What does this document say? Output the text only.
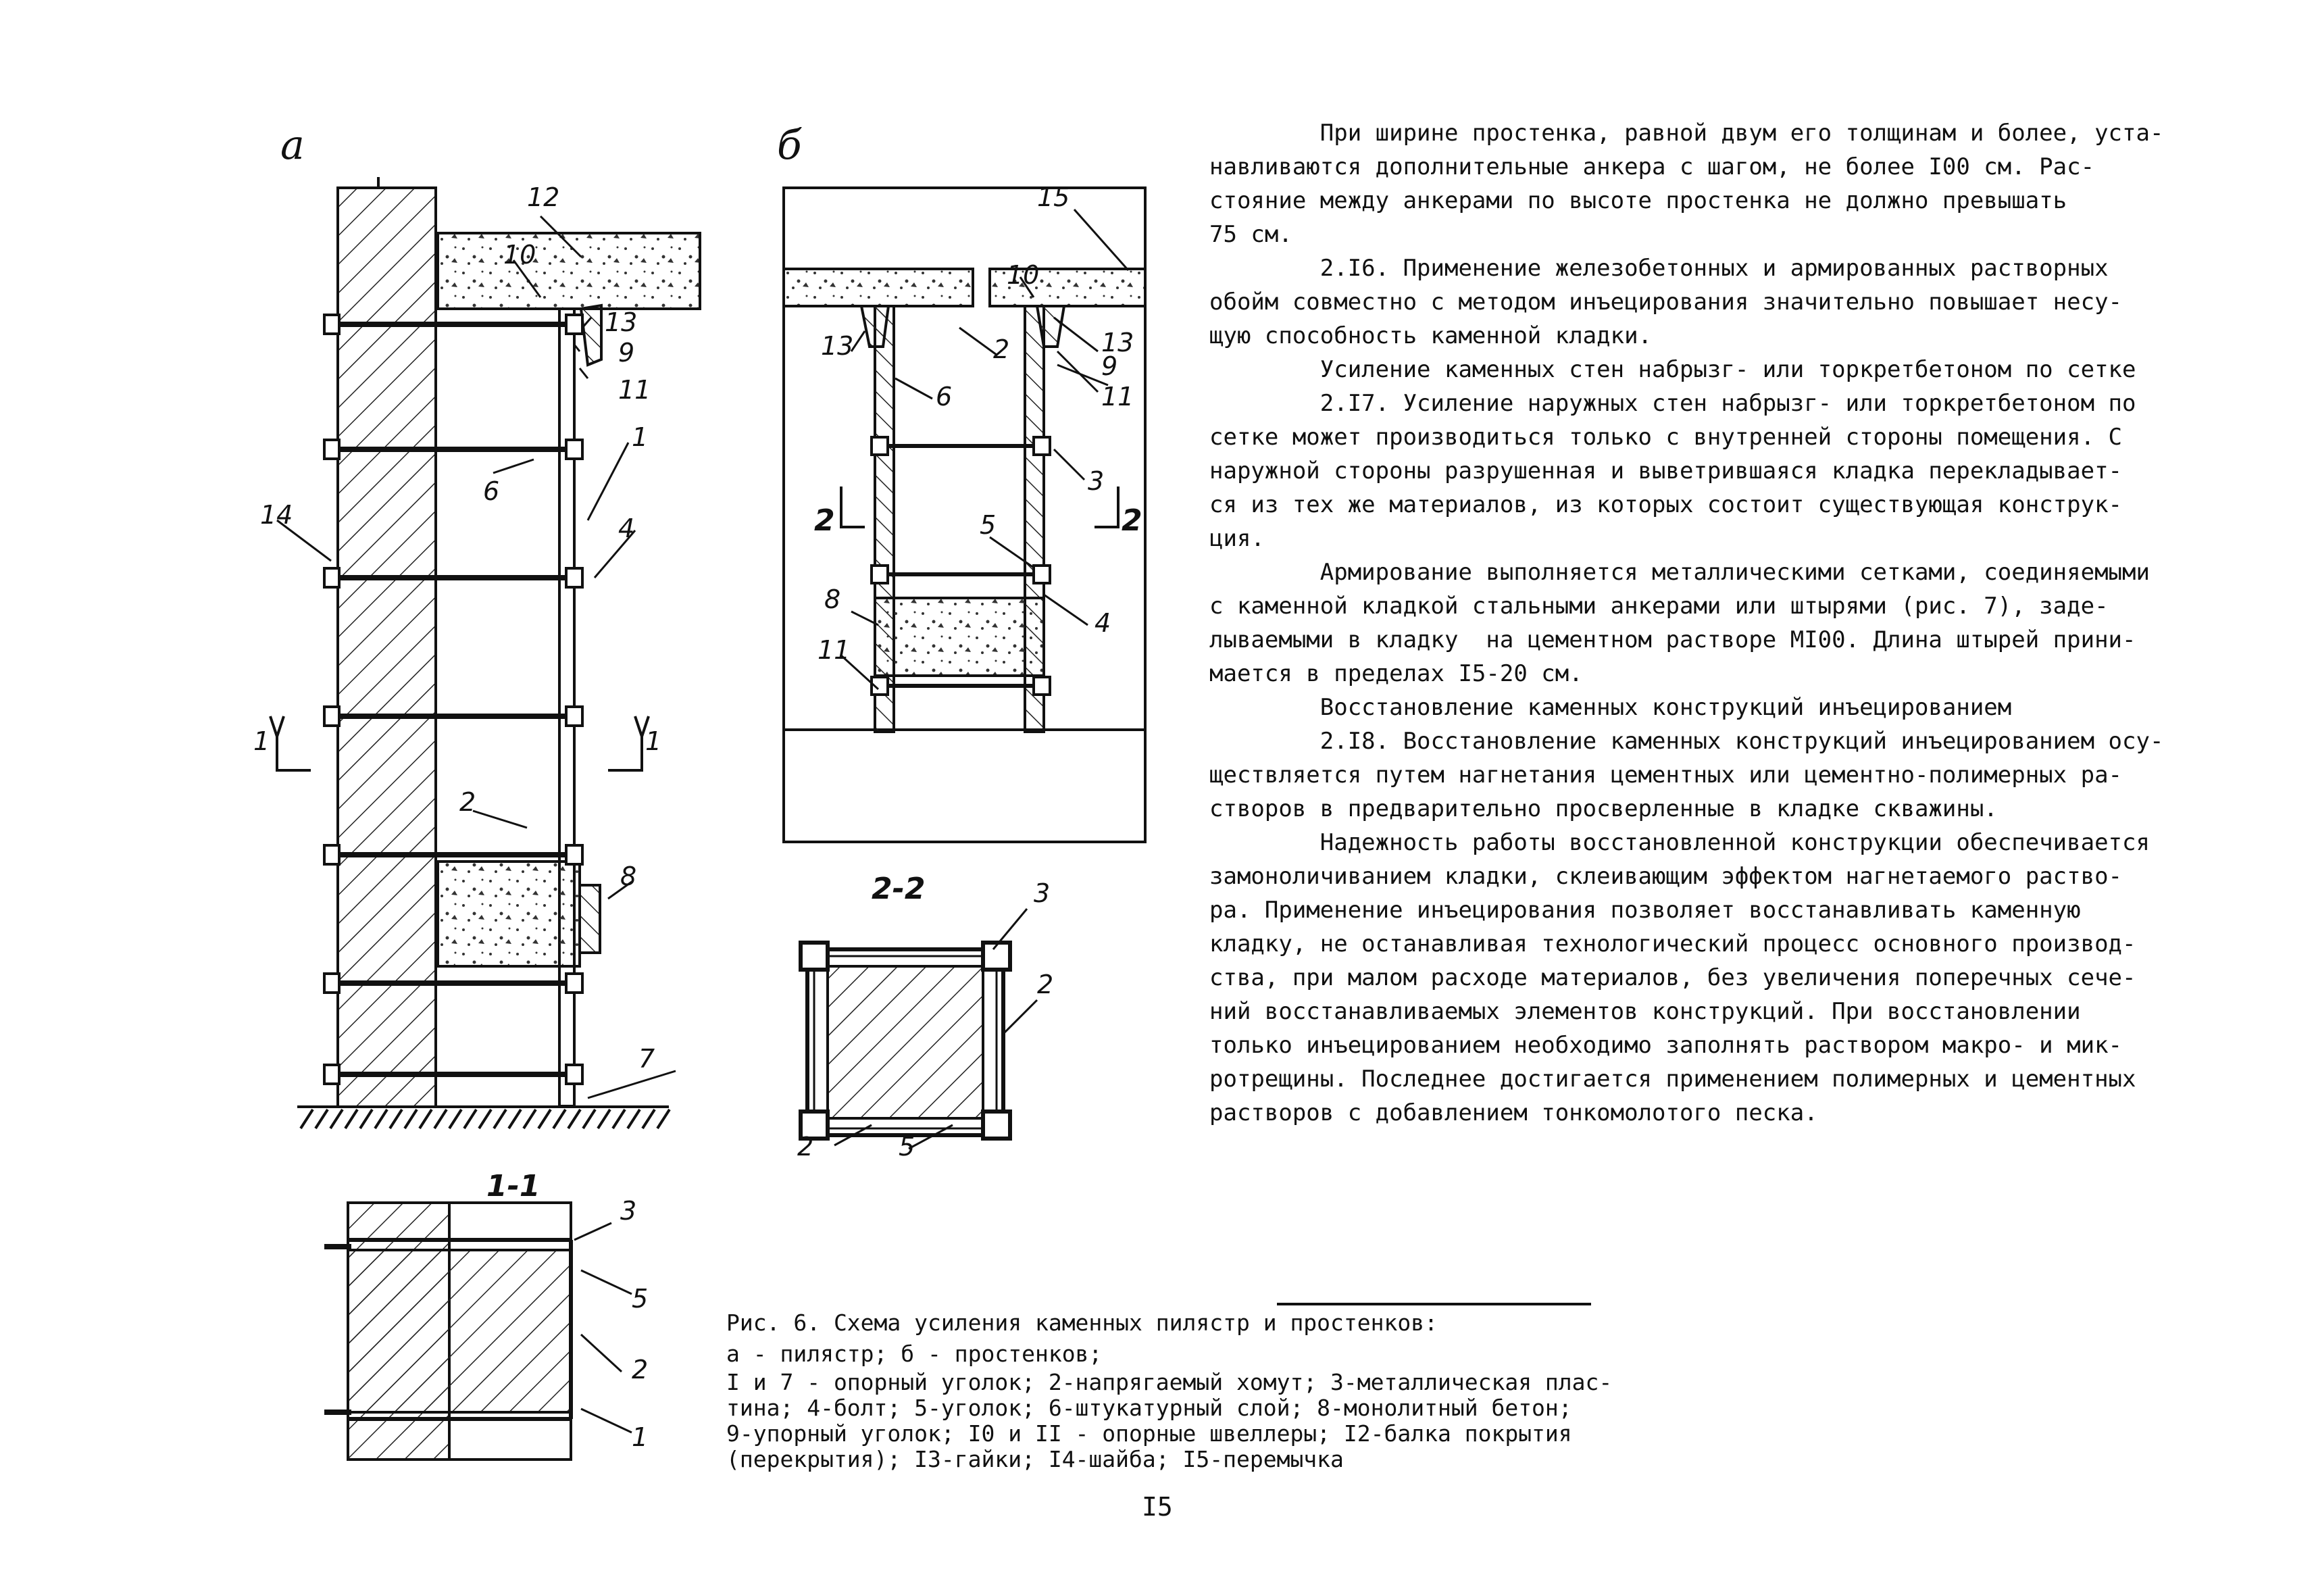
12
10
13
9
11
1
6
14	4
1	1
2
8
7
15
10
2
9
13	13
6	11
3
2	2
5
8
4
11
2-2	3
2
2	5
1-1
3
5
2
1
а	б	При ширине простенка, равной двум его толщинам и более, уста-
навливаются дополнительные анкера с шагом, не более I00 см. Рас-
стояние между анкерами по высоте простенка не должно превышать
75 см.
2.I6. Применение железобетонных и армированных растворных
обойм совместно с методом инъецирования значительно повышает несу-
щую способность каменной кладки.
Усиление каменных стен набрызг- или торкретбетоном по сетке
2.I7. Усиление наружных стен набрызг- или торкретбетоном по
сетке может производиться только с внутренней стороны помещения. С
наружной стороны разрушенная и выветрившаяся кладка перекладывает-
ся из тех же материалов, из которых состоит существующая конструк-
ция.
Армирование выполняется металлическими сетками, соединяемыми
с каменной кладкой стальными анкерами или штырями (рис. 7), заде-
лываемыми в кладку  на цементном растворе МI00. Длина штырей прини-
мается в пределах I5-20 см.
Восстановление каменных конструкций инъецированием
2.I8. Восстановление каменных конструкций инъецированием осу-
ществляется путем нагнетания цементных или цементно-полимерных ра-
створов в предварительно просверленные в кладке скважины.
Надежность работы восстановленной конструкции обеспечивается
замоноличиванием кладки, склеивающим эффектом нагнетаемого раство-
ра. Применение инъецирования позволяет восстанавливать каменную
кладку, не останавливая технологический процесс основного производ-
ства, при малом расходе материалов, без увеличения поперечных сече-
ний восстанавливаемых элементов конструкций. При восстановлении
только инъецированием необходимо заполнять раствором макро- и мик-
ротрещины. Последнее достигается применением полимерных и цементных
растворов с добавлением тонкомолотого песка.
Рис. 6. Схема усиления каменных пилястр и простенков:
а - пилястр; б - простенков;
I и 7 - опорный уголок; 2-напрягаемый хомут; 3-металлическая плас-
тина; 4-болт; 5-уголок; 6-штукатурный слой; 8-монолитный бетон;
9-упорный уголок; I0 и II - опорные швеллеры; I2-балка покрытия
(перекрытия); I3-гайки; I4-шайба; I5-перемычка
I5
